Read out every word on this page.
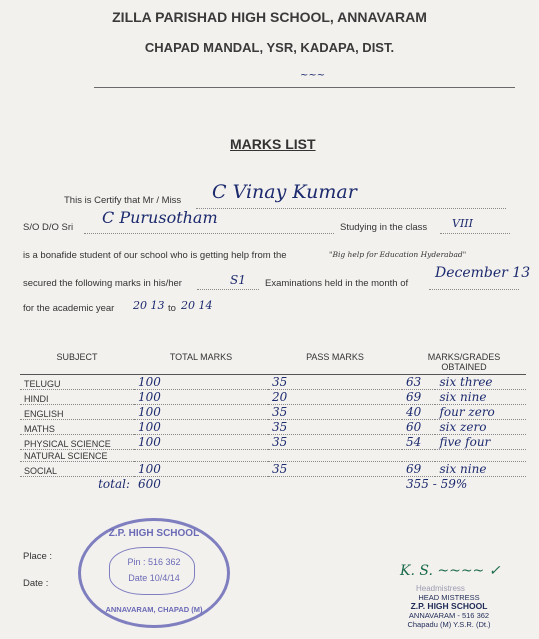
ZILLA PARISHAD HIGH SCHOOL, ANNAVARAM
CHAPAD MANDAL, YSR, KADAPA, DIST.
~~~
MARKS LIST
This is Certify that Mr / Miss C Vinay Kumar
S/O D/O Sri
C Purusotham
Studying in the class VIII
is a bonafide student of our school who is getting help from the	"Big help for Education Hyderabad"
secured the following marks in his/her	S1 Examinations held in the month of
December 13
for the academic year 20 13 to 20 14
SUBJECT	TOTAL MARKS	PASS MARKS	MARKS/GRADES OBTAINED	
TELUGU	100	35	63	six three
HINDI	100	20	69	six nine
ENGLISH	100	35	40	four zero
MATHS	100	35	60	six zero
PHYSICAL SCIENCE	100	35	54	five four
NATURAL SCIENCE				
SOCIAL	100	35	69	six nine
total:	600		355 - 59%	
Place :
Date :
Z.P. HIGH SCHOOL
Pin : 516 362
Date 10/4/14
ANNAVARAM, CHAPAD (M)
K. S. ~~~~ ✓
Headmistress
HEAD MISTRESS
Z.P. HIGH SCHOOL
ANNAVARAM - 516 362
Chapadu (M) Y.S.R. (Dt.)
